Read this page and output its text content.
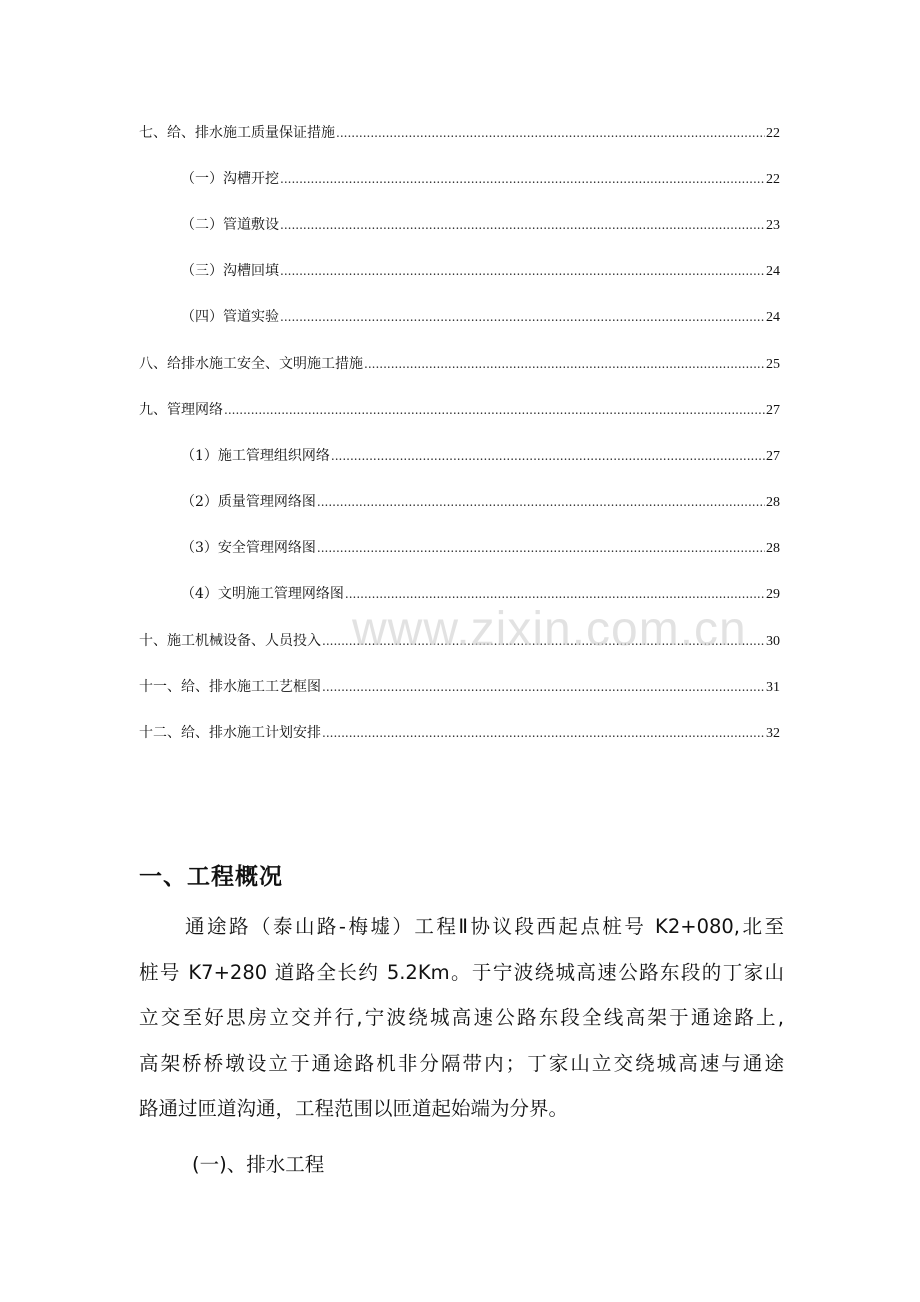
七、给、排水施工质量保证措施 .....	22
（一）沟槽开挖 .....	22
（二）管道敷设 .....	23
（三）沟槽回填 .....	24
（四）管道实验 .....	24
八、给排水施工安全、文明施工措施 .....	25
九、管理网络 .....	27
（1）施工管理组织网络 .....	27
（2）质量管理网络图 .....	28
（3）安全管理网络图 .....	28
（4）文明施工管理网络图 .....	29
十、施工机械设备、人员投入 .....	30
十一、给、排水施工工艺框图 .....	31
十二、给、排水施工计划安排 .....	32
www.zixin.com.cn
一、工程概况
通途路（泰山路-梅墟）工程Ⅱ协议段西起点桩号 K2+080,北至
桩号 K7+280 道路全长约 5.2Km。于宁波绕城高速公路东段的丁家山
立交至好思房立交并行,宁波绕城高速公路东段全线高架于通途路上,
高架桥桥墩设立于通途路机非分隔带内；丁家山立交绕城高速与通途
路通过匝道沟通，工程范围以匝道起始端为分界。
(一)、排水工程
